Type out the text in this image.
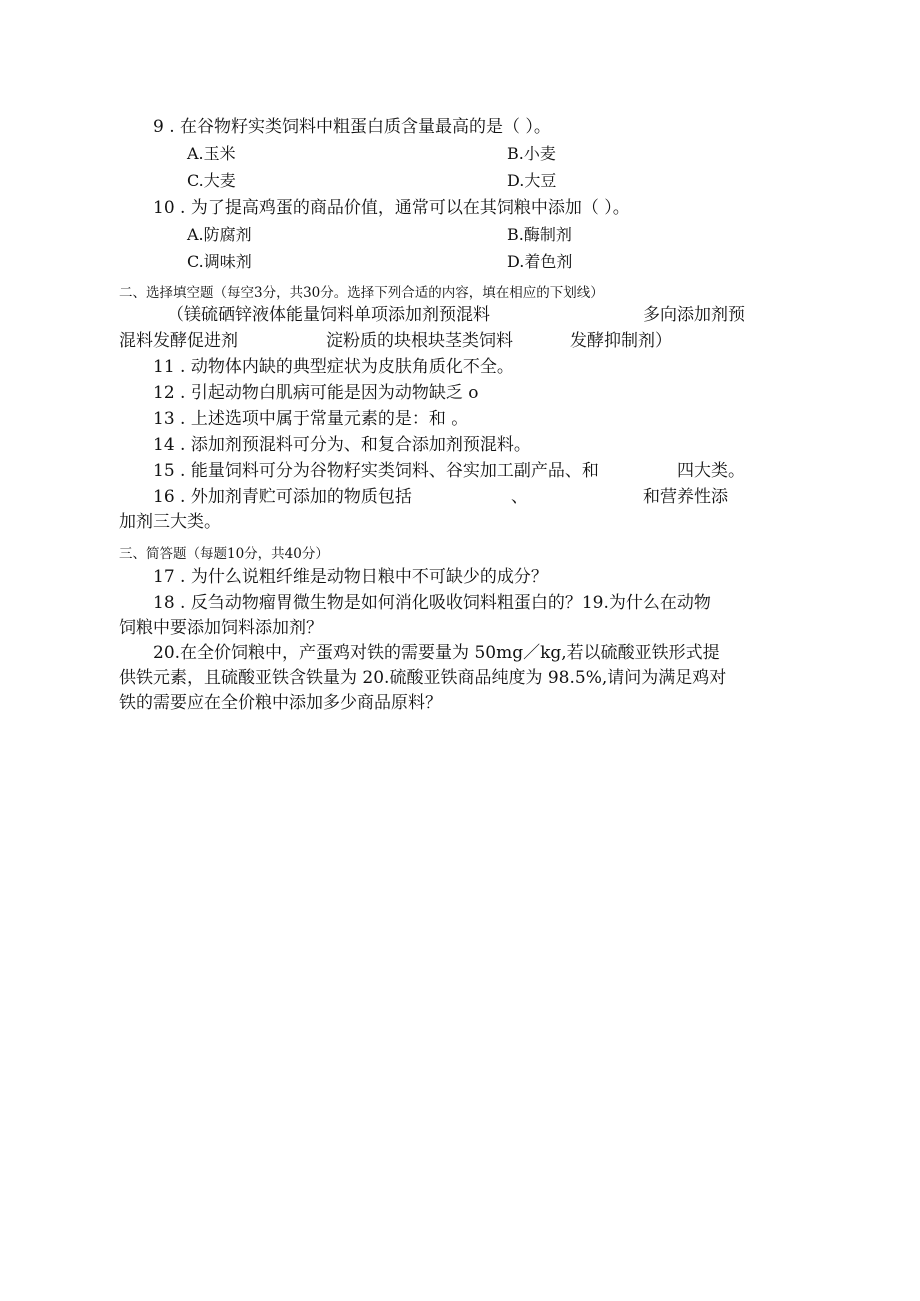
9 . 在谷物籽实类饲料中粗蛋白质含量最高的是（ ）。
A.玉米	B.小麦
C.大麦	D.大豆
10 . 为了提高鸡蛋的商品价值，通常可以在其饲粮中添加（ ）。
A.防腐剂	B.酶制剂
C.调味剂	D.着色剂
二、选择填空题（每空3分，共30分。选择下列合适的内容，填在相应的下划线）
（镁硫硒锌液体能量饲料单项添加剂预混料	多向添加剂预
混料发酵促进剂	淀粉质的块根块茎类饲料	发酵抑制剂）
11 . 动物体内缺的典型症状为皮肤角质化不全。
12 . 引起动物白肌病可能是因为动物缺乏 o
13 . 上述选项中属于常量元素的是：和 。
14 . 添加剂预混料可分为、和复合添加剂预混料。
15 . 能量饲料可分为谷物籽实类饲料、谷实加工副产品、和	四大类。
16 . 外加剂青贮可添加的物质包括	、	和营养性添
加剂三大类。
三、简答题（每题10分，共40分）
17 . 为什么说粗纤维是动物日粮中不可缺少的成分？
18 . 反刍动物瘤胃微生物是如何消化吸收饲料粗蛋白的？19.为什么在动物
饲粮中要添加饲料添加剂？
20.在全价饲粮中，产蛋鸡对铁的需要量为 50mg／kg,若以硫酸亚铁形式提
供铁元素，且硫酸亚铁含铁量为 20.硫酸亚铁商品纯度为 98.5%,请问为满足鸡对
铁的需要应在全价粮中添加多少商品原料？
